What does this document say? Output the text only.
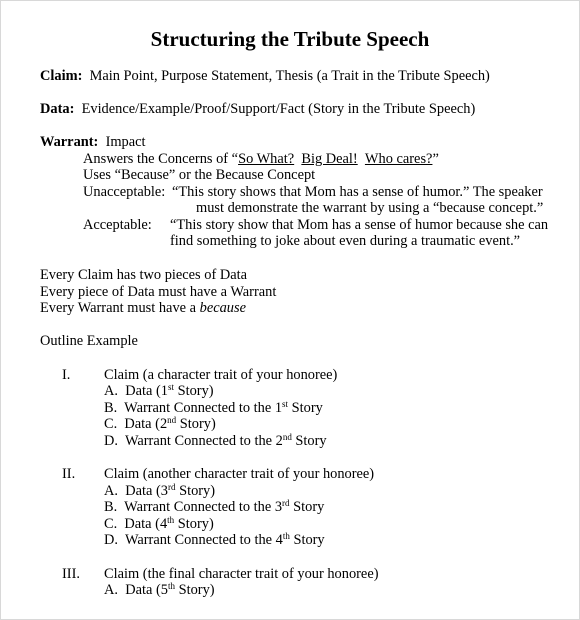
Structuring the Tribute Speech
Claim: Main Point, Purpose Statement, Thesis (a Trait in the Tribute Speech)
Data: Evidence/Example/Proof/Support/Fact (Story in the Tribute Speech)
Warrant: Impact
Answers the Concerns of “So What? Big Deal! Who cares?”
Uses “Because” or the Because Concept
Unacceptable: “This story shows that Mom has a sense of humor.” The speaker
must demonstrate the warrant by using a “because concept.”
Acceptable: “This story show that Mom has a sense of humor because she can
find something to joke about even during a traumatic event.”
Every Claim has two pieces of Data
Every piece of Data must have a Warrant
Every Warrant must have a because
Outline Example
I. Claim (a character trait of your honoree)
A. Data (1st Story)
B. Warrant Connected to the 1st Story
C. Data (2nd Story)
D. Warrant Connected to the 2nd Story
II. Claim (another character trait of your honoree)
A. Data (3rd Story)
B. Warrant Connected to the 3rd Story
C. Data (4th Story)
D. Warrant Connected to the 4th Story
III. Claim (the final character trait of your honoree)
A. Data (5th Story)
